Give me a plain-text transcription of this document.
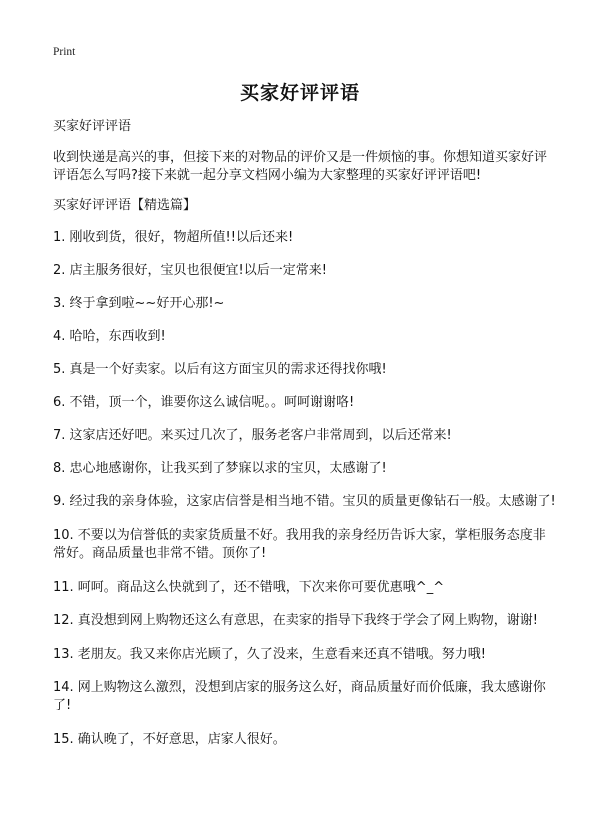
Print
买家好评评语

买家好评评语

收到快递是高兴的事，但接下来的对物品的评价又是一件烦恼的事。你想知道买家好评评语怎么写吗?接下来就一起分享文档网小编为大家整理的买家好评评语吧!

买家好评评语【精选篇】

1. 刚收到货，很好，物超所值!!以后还来!

2. 店主服务很好，宝贝也很便宜!以后一定常来!

3. 终于拿到啦~~好开心那!~

4. 哈哈，东西收到!

5. 真是一个好卖家。以后有这方面宝贝的需求还得找你哦!

6. 不错，顶一个，谁要你这么诚信呢。。呵呵谢谢咯!

7. 这家店还好吧。来买过几次了，服务老客户非常周到，以后还常来!

8. 忠心地感谢你，让我买到了梦寐以求的宝贝，太感谢了!

9. 经过我的亲身体验，这家店信誉是相当地不错。宝贝的质量更像钻石一般。太感谢了!

10. 不要以为信誉低的卖家货质量不好。我用我的亲身经历告诉大家，掌柜服务态度非常好。商品质量也非常不错。顶你了!

11. 呵呵。商品这么快就到了，还不错哦，下次来你可要优惠哦^_^

12. 真没想到网上购物还这么有意思，在卖家的指导下我终于学会了网上购物，谢谢!

13. 老朋友。我又来你店光顾了，久了没来，生意看来还真不错哦。努力哦!

14. 网上购物这么激烈，没想到店家的服务这么好，商品质量好而价低廉，我太感谢你了!

15. 确认晚了，不好意思，店家人很好。
